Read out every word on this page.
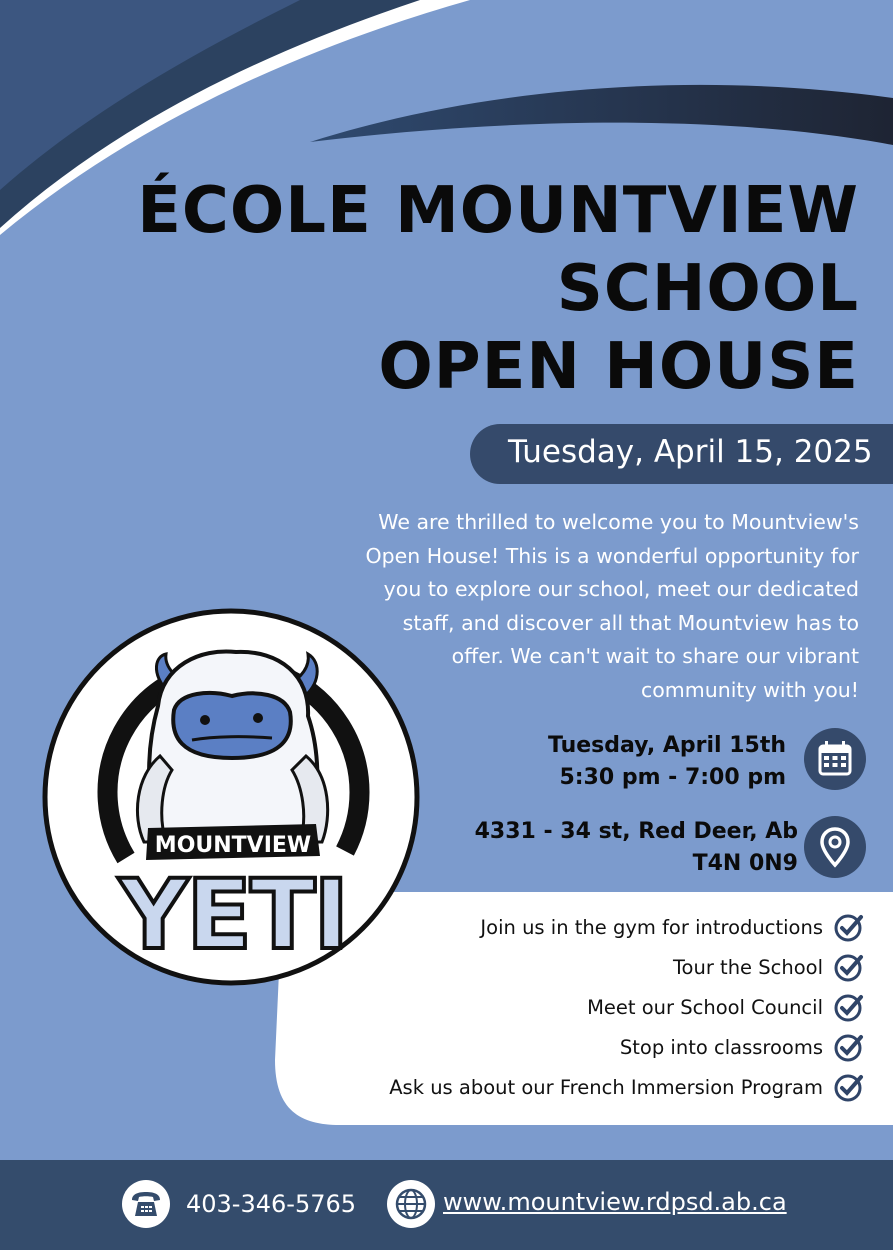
ÉCOLE MOUNTVIEW
SCHOOL
OPEN HOUSE
Tuesday, April 15, 2025
We are thrilled to welcome you to Mountview's
Open House! This is a wonderful opportunity for
you to explore our school, meet our dedicated
staff, and discover all that Mountview has to
offer. We can't wait to share our vibrant
community with you!
Tuesday, April 15th
5:30 pm - 7:00 pm
4331 - 34 st, Red Deer, Ab
T4N 0N9
MOUNTVIEW
YETI	Join us in the gym for introductions
Tour the School
Meet our School Council
Stop into classrooms
Ask us about our French Immersion Program
403-346-5765	www.mountview.rdpsd.ab.ca
